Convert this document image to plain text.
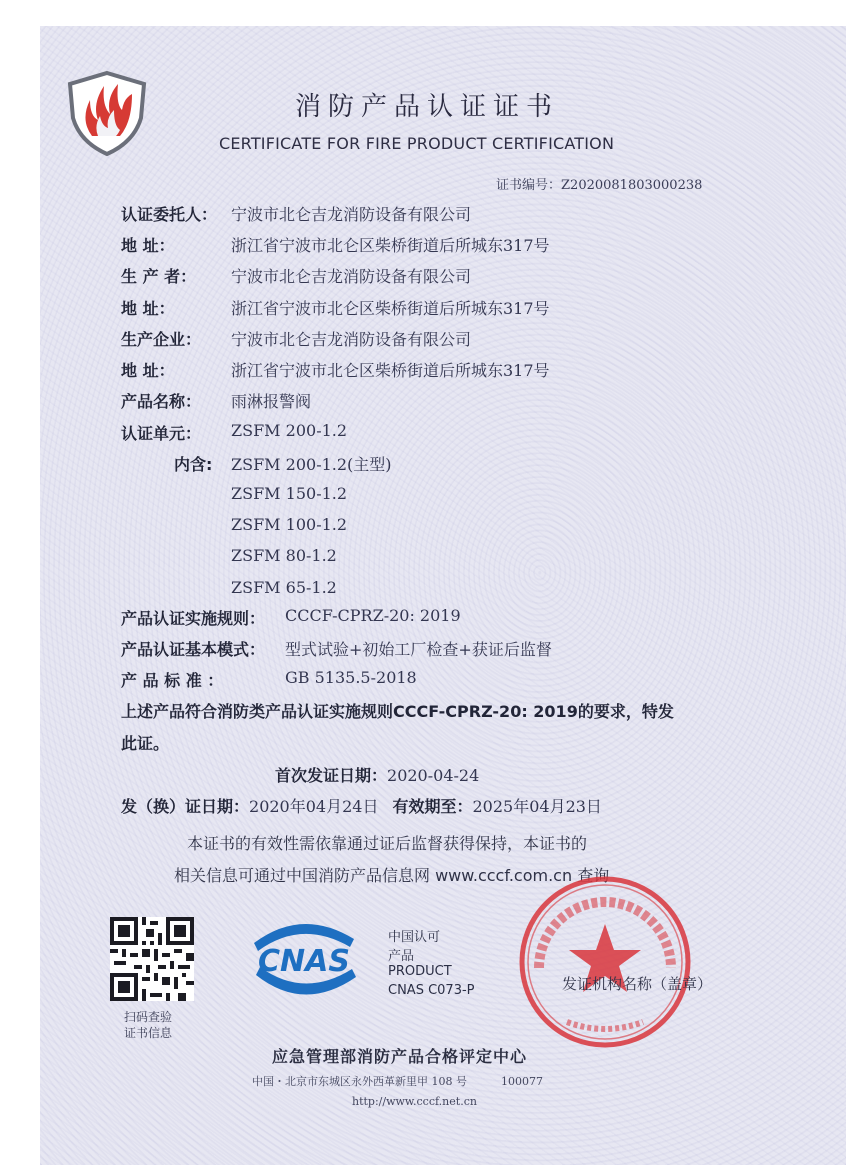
消防产品认证证书
CERTIFICATE FOR FIRE PRODUCT CERTIFICATION
证书编号：Z2020081803000238
认证委托人： 宁波市北仑吉龙消防设备有限公司
地 址：	浙江省宁波市北仑区柴桥街道后所城东317号
生 产 者： 宁波市北仑吉龙消防设备有限公司
地 址：	浙江省宁波市北仑区柴桥街道后所城东317号
生产企业： 宁波市北仑吉龙消防设备有限公司
地 址：	浙江省宁波市北仑区柴桥街道后所城东317号
产品名称： 雨淋报警阀
认证单元： ZSFM 200-1.2
内含: ZSFM 200-1.2(主型)
ZSFM 150-1.2
ZSFM 100-1.2
ZSFM 80-1.2
ZSFM 65-1.2
产品认证实施规则： CCCF-CPRZ-20: 2019
产品认证基本模式： 型式试验+初始工厂检查+获证后监督
产 品 标 准 ：	GB 5135.5-2018
上述产品符合消防类产品认证实施规则CCCF-CPRZ-20: 2019的要求，特发
此证。
首次发证日期：2020-04-24
发（换）证日期：2020年04月24日 有效期至：2025年04月23日
本证书的有效性需依靠通过证后监督获得保持，本证书的
相关信息可通过中国消防产品信息网 www.cccf.com.cn 查询
扫码查验
证书信息
CNAS
中国认可
产品
PRODUCT
CNAS C073-P	发证机构名称（盖章）
应急管理部消防产品合格评定中心
中国・北京市东城区永外西革新里甲 108 号	100077
http://www.cccf.net.cn
